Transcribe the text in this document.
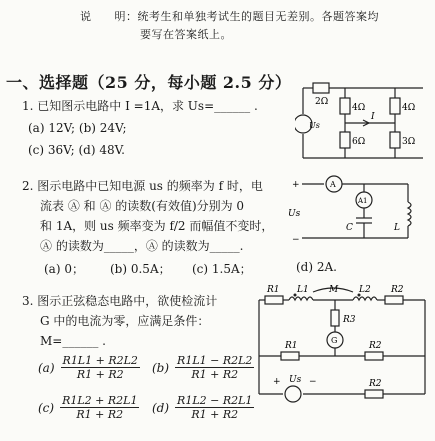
说　　明：统考生和单独考试生的题目无差别。各题答案均
要写在答案纸上。
一、选择题（25 分，每小题 2.5 分）
1. 已知图示电路中 I =1A，求 Us=______ .
(a) 12V; (b) 24V;
(c) 36V; (d) 48V.
2Ω
4Ω	4Ω
6Ω	3Ω
I
Us
2. 图示电路中已知电源 us 的频率为 f 时，电
流表 Ⓐ 和 Ⓐ 的读数(有效值)分别为 0
和 1A，则 us 频率变为 f/2 而幅值不变时，
Ⓐ 的读数为_____，Ⓐ 的读数为_____.
(a) 0； (b) 0.5A； (c) 1.5A；	(d) 2A.
+
−
Us
A
A1
C	L
3. 图示正弦稳态电路中，欲使检流计
G 中的电流为零，应满足条件：
M=______ .
$(a) \frac{R1L1 + R2L2}{R1 + R2} (b) \frac{R1L1 - R2L2}{R1 + R2}$
$(c) \frac{R1L2 + R2L1}{R1 + R2} (d) \frac{R1L2 - R2L1}{R1 + R2}$
R1 L1 M L2 R2
R3
G
R1	R2
R2
Us
+	−
